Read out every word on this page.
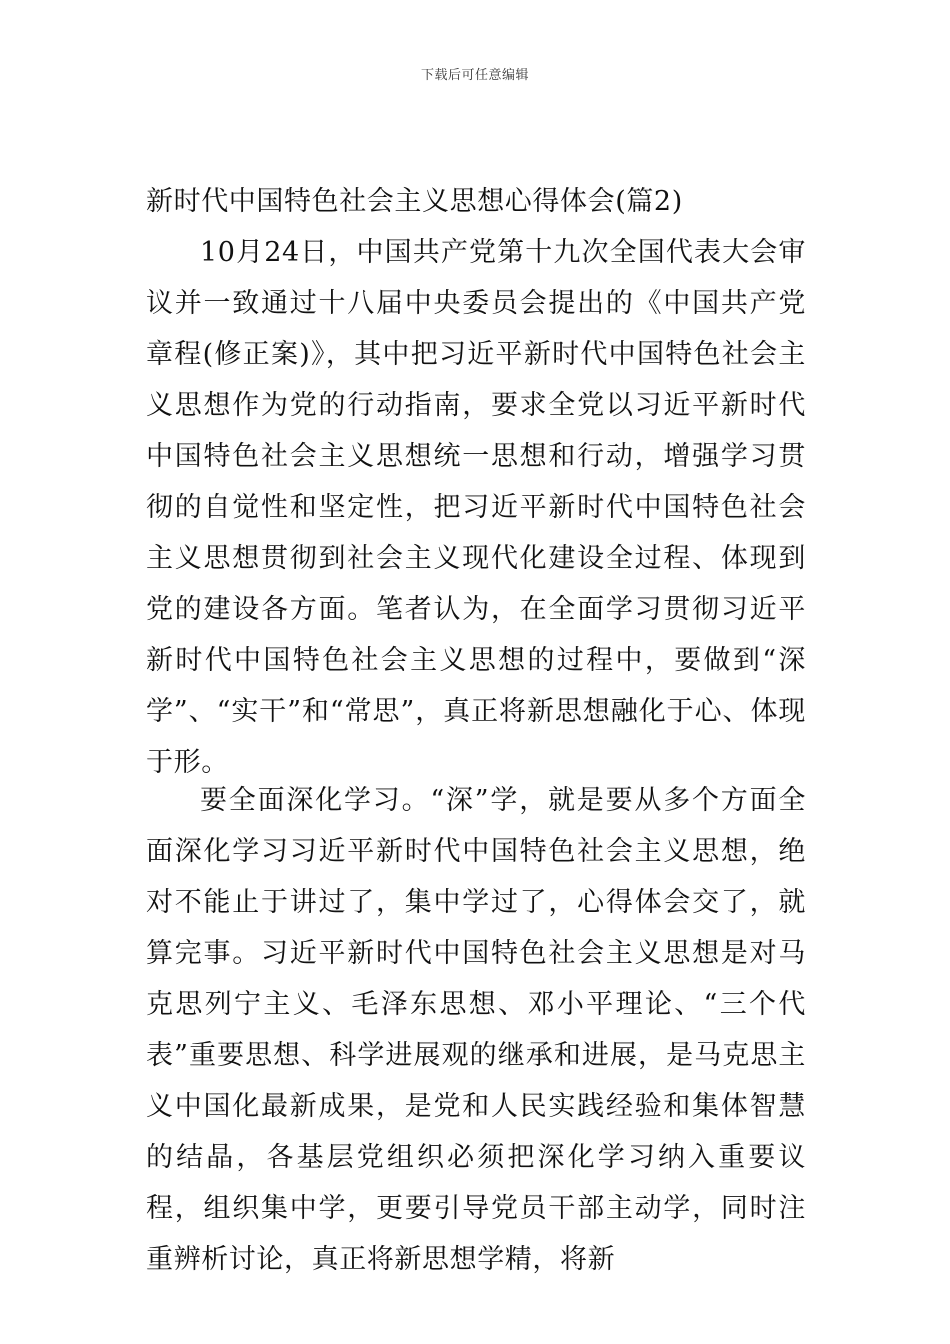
下载后可任意编辑
新时代中国特色社会主义思想心得体会(篇2)
10月24日，中国共产党第十九次全国代表大会审议并一致通过十八届中央委员会提出的《中国共产党章程(修正案)》，其中把习近平新时代中国特色社会主义思想作为党的行动指南，要求全党以习近平新时代中国特色社会主义思想统一思想和行动，增强学习贯彻的自觉性和坚定性，把习近平新时代中国特色社会主义思想贯彻到社会主义现代化建设全过程、体现到党的建设各方面。笔者认为，在全面学习贯彻习近平新时代中国特色社会主义思想的过程中，要做到“深学”、“实干”和“常思”，真正将新思想融化于心、体现于形。
要全面深化学习。“深”学，就是要从多个方面全面深化学习习近平新时代中国特色社会主义思想，绝对不能止于讲过了，集中学过了，心得体会交了，就算完事。习近平新时代中国特色社会主义思想是对马克思列宁主义、毛泽东思想、邓小平理论、“三个代表”重要思想、科学进展观的继承和进展，是马克思主义中国化最新成果，是党和人民实践经验和集体智慧的结晶，各基层党组织必须把深化学习纳入重要议程，组织集中学，更要引导党员干部主动学，同时注重辨析讨论，真正将新思想学精，将新
